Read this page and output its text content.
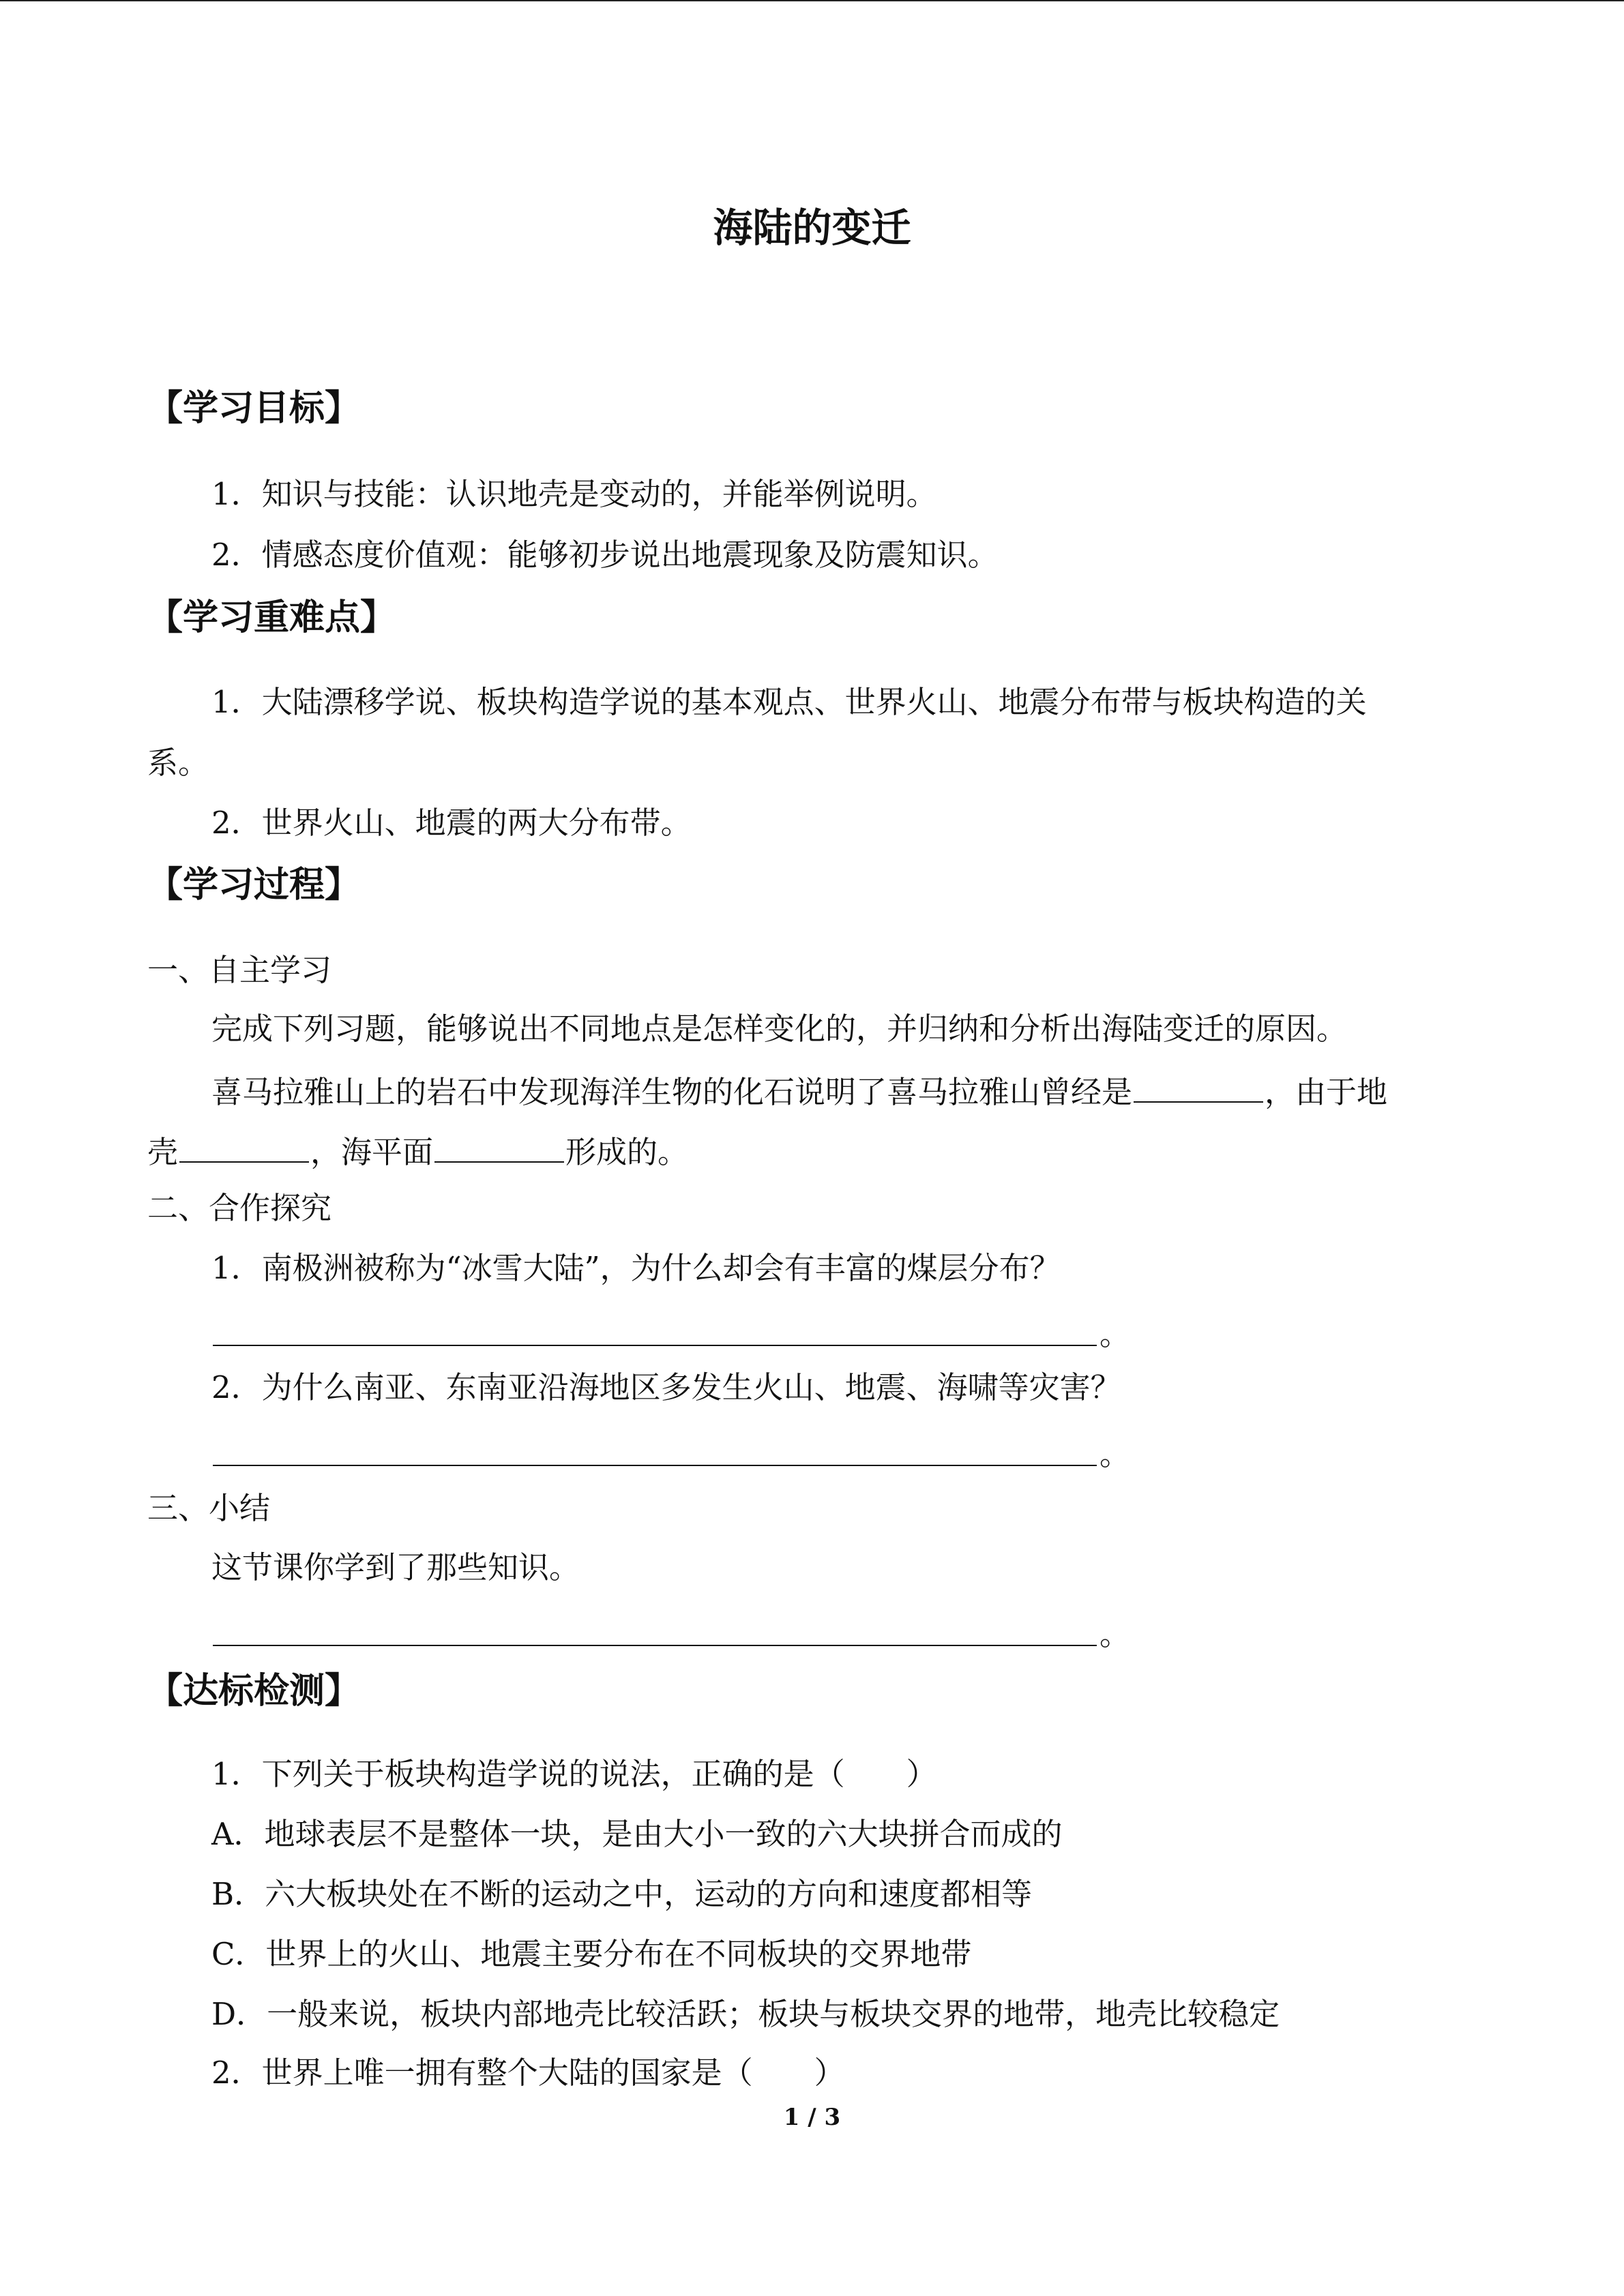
海陆的变迁
【学习目标】
1．知识与技能：认识地壳是变动的，并能举例说明。
2．情感态度价值观：能够初步说出地震现象及防震知识。
【学习重难点】
1．大陆漂移学说、板块构造学说的基本观点、世界火山、地震分布带与板块构造的关
系。
2．世界火山、地震的两大分布带。
【学习过程】
一、自主学习
完成下列习题，能够说出不同地点是怎样变化的，并归纳和分析出海陆变迁的原因。
喜马拉雅山上的岩石中发现海洋生物的化石说明了喜马拉雅山曾经是	，由于地
壳	，海平面	形成的。
二、合作探究
1．南极洲被称为“冰雪大陆”，为什么却会有丰富的煤层分布？
。
2．为什么南亚、东南亚沿海地区多发生火山、地震、海啸等灾害？
。
三、小结
这节课你学到了那些知识。
。
【达标检测】
1．下列关于板块构造学说的说法，正确的是（　　）
A．地球表层不是整体一块，是由大小一致的六大块拼合而成的
B．六大板块处在不断的运动之中，运动的方向和速度都相等
C．世界上的火山、地震主要分布在不同板块的交界地带
D．一般来说，板块内部地壳比较活跃；板块与板块交界的地带，地壳比较稳定
2．世界上唯一拥有整个大陆的国家是（　　）
1 / 3
